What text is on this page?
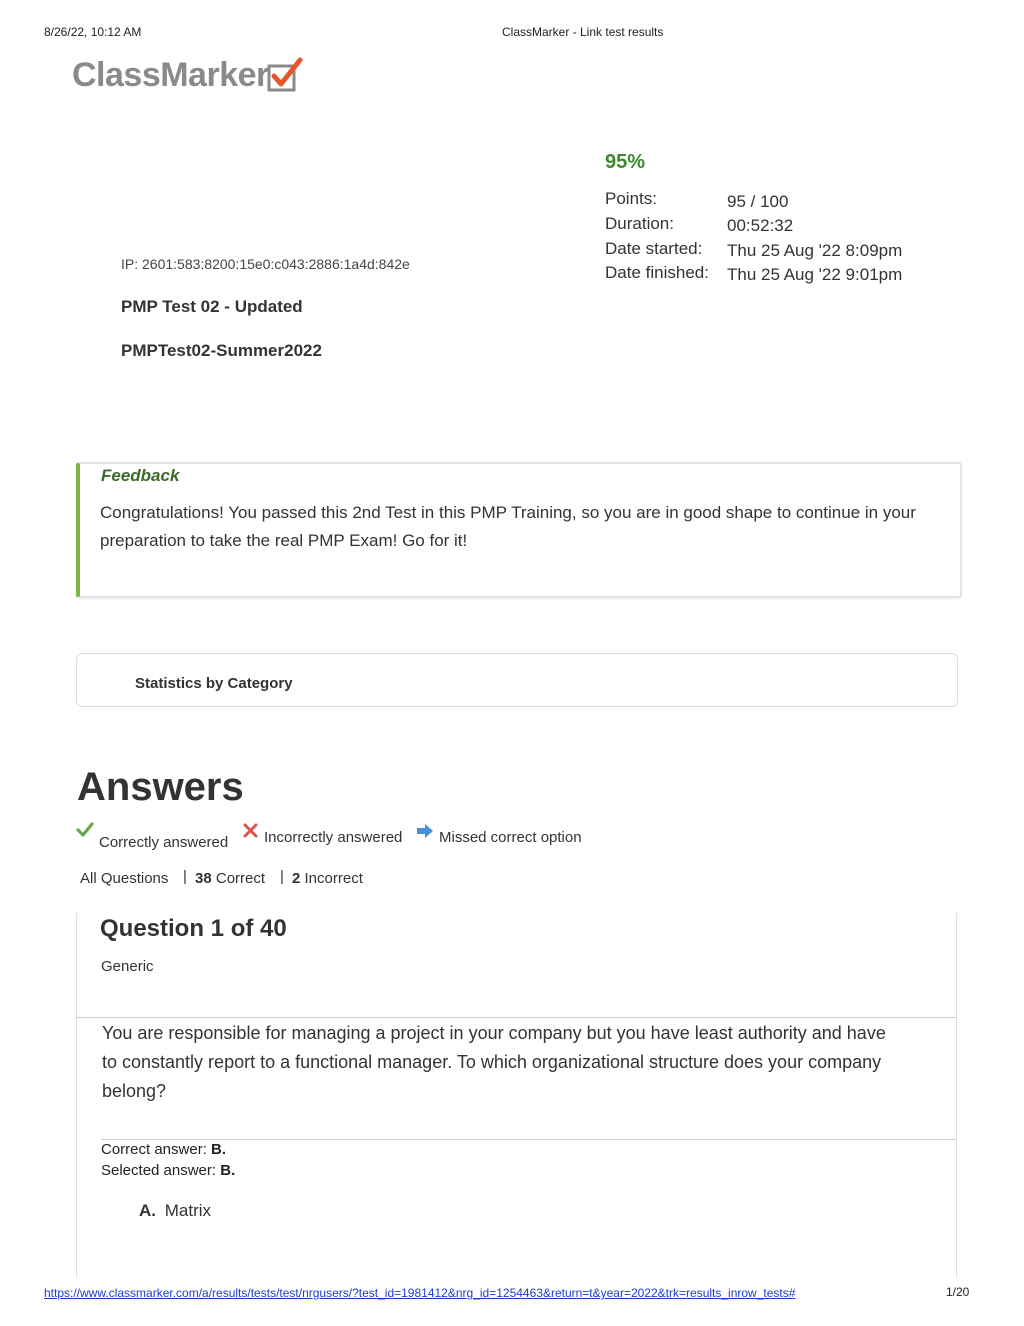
8/26/22, 10:12 AM	ClassMarker - Link test results
ClassMarker
95%
Points:	95 / 100
Duration:	00:52:32
Date started: Thu 25 Aug '22 8:09pm
Date finished: Thu 25 Aug '22 9:01pm
IP: 2601:583:8200:15e0:c043:2886:1a4d:842e
PMP Test 02 - Updated
PMPTest02-Summer2022
Feedback
Congratulations! You passed this 2nd Test in this PMP Training, so you are in good shape to continue in your preparation to take the real PMP Exam! Go for it!
Statistics by Category
Answers
Correctly answered Incorrectly answered Missed correct option
All Questions | 38 Correct | 2 Incorrect
Question 1 of 40
Generic
You are responsible for managing a project in your company but you have least authority and have to constantly report to a functional manager. To which organizational structure does your company belong?
Correct answer: B.
Selected answer: B.
A. Matrix
https://www.classmarker.com/a/results/tests/test/nrgusers/?test_id=1981412&nrg_id=1254463&return=t&year=2022&trk=results_inrow_tests#	1/20
